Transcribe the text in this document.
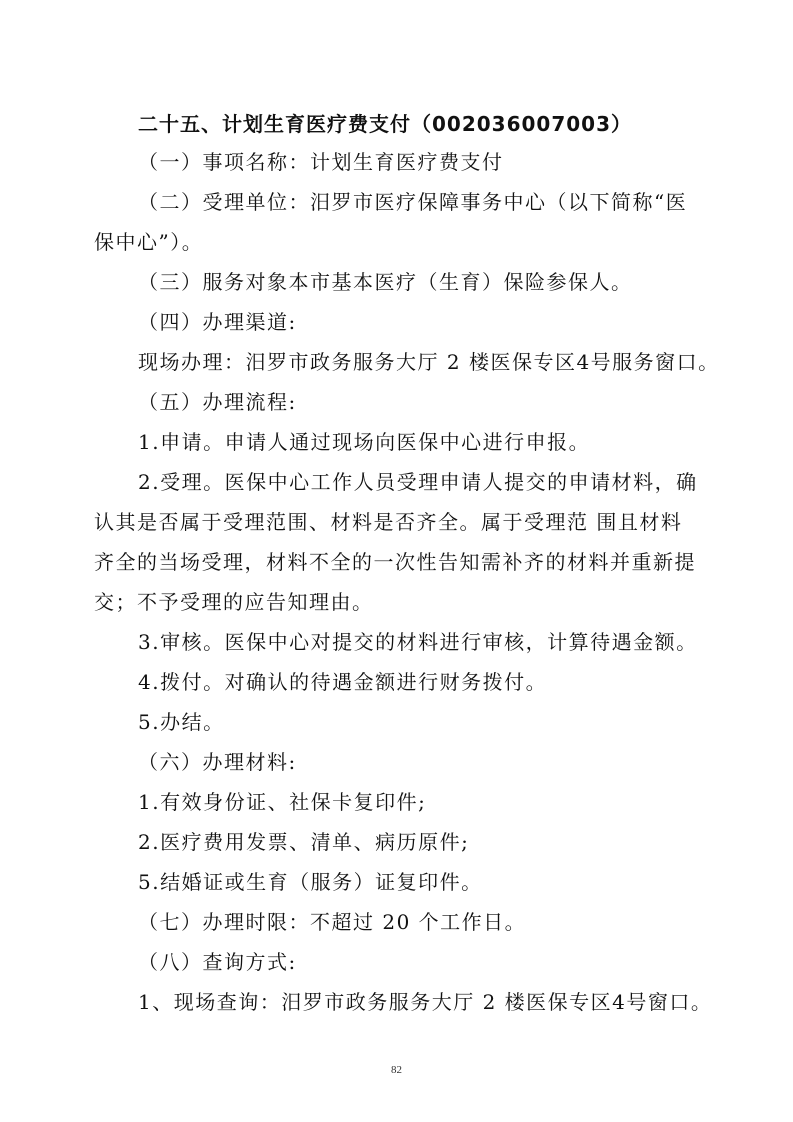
二十五、计划生育医疗费支付（002036007003）
（一）事项名称：计划生育医疗费支付
（二）受理单位：汨罗市医疗保障事务中心（以下简称“医
保中心”）。
（三）服务对象本市基本医疗（生育）保险参保人。
（四）办理渠道:
现场办理：汨罗市政务服务大厅 2 楼医保专区4号服务窗口。
（五）办理流程:
1.申请。申请人通过现场向医保中心进行申报。
2.受理。医保中心工作人员受理申请人提交的申请材料，确
认其是否属于受理范围、材料是否齐全。属于受理范 围且材料
齐全的当场受理，材料不全的一次性告知需补齐的材料并重新提
交；不予受理的应告知理由。
3.审核。医保中心对提交的材料进行审核，计算待遇金额。
4.拨付。对确认的待遇金额进行财务拨付。
5.办结。
（六）办理材料:
1.有效身份证、社保卡复印件;
2.医疗费用发票、清单、病历原件;
5.结婚证或生育（服务）证复印件。
（七）办理时限：不超过 20 个工作日。
（八）查询方式:
1、现场查询：汨罗市政务服务大厅 2 楼医保专区4号窗口。
82
